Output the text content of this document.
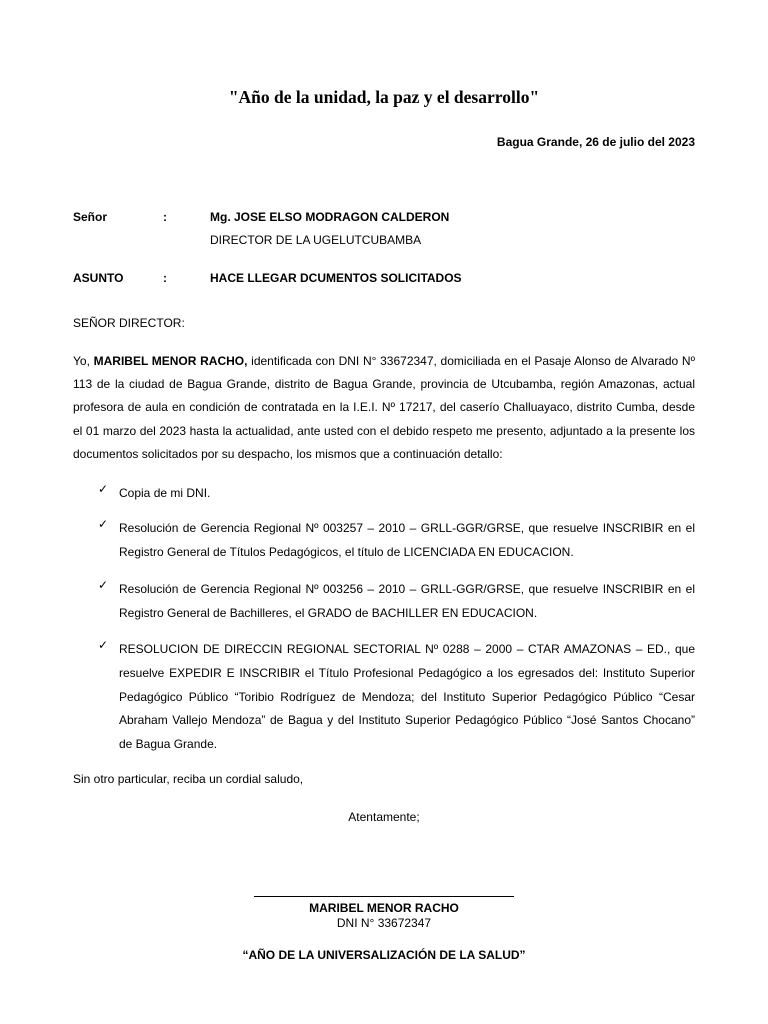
"Año de la unidad, la paz y el desarrollo"
Bagua Grande, 26 de julio del 2023
Señor	:	Mg. JOSE ELSO MODRAGON CALDERON
DIRECTOR DE LA UGELUTCUBAMBA
ASUNTO	:	HACE LLEGAR DCUMENTOS SOLICITADOS
SEÑOR DIRECTOR:
Yo, MARIBEL MENOR RACHO, identificada con DNI N° 33672347, domiciliada en el Pasaje Alonso de Alvarado Nº 113 de la ciudad de Bagua Grande, distrito de Bagua Grande, provincia de Utcubamba, región Amazonas, actual profesora de aula en condición de contratada en la I.E.I. Nº 17217, del caserío Challuayaco, distrito Cumba, desde el 01 marzo del 2023 hasta la actualidad, ante usted con el debido respeto me presento, adjuntado a la presente los documentos solicitados por su despacho, los mismos que a continuación detallo:
✓ Copia de mi DNI.
✓ Resolución de Gerencia Regional Nº 003257 – 2010 – GRLL-GGR/GRSE, que resuelve INSCRIBIR en el Registro General de Títulos Pedagógicos, el título de LICENCIADA EN EDUCACION.
✓ Resolución de Gerencia Regional Nº 003256 – 2010 – GRLL-GGR/GRSE, que resuelve INSCRIBIR en el Registro General de Bachilleres, el GRADO de BACHILLER EN EDUCACION.
✓ RESOLUCION DE DIRECCIN REGIONAL SECTORIAL Nº 0288 – 2000 – CTAR AMAZONAS – ED., que resuelve EXPEDIR E INSCRIBIR el Título Profesional Pedagógico a los egresados del: Instituto Superior Pedagógico Público “Toribio Rodríguez de Mendoza; del Instituto Superior Pedagógico Público “Cesar Abraham Vallejo Mendoza” de Bagua y del Instituto Superior Pedagógico Público “José Santos Chocano” de Bagua Grande.
Sin otro particular, reciba un cordial saludo,
Atentamente;
MARIBEL MENOR RACHO
DNI N° 33672347
“AÑO DE LA UNIVERSALIZACIÓN DE LA SALUD”
